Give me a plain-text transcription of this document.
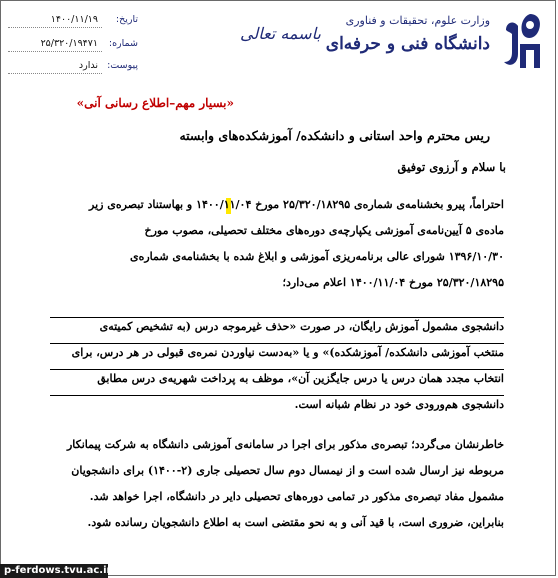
وزارت علوم، تحقیقات و فناوری
دانشگاه فنی و حرفه‌ای
باسمه تعالی
تاریخ:
۱۴۰۰/۱۱/۱۹
شماره:
۲۵/۳۲۰/۱۹۴۷۱
پیوست:
ندارد
«بسیار مهم–اطلاع رسانی آنی»
ریس محترم واحد استانی و دانشکده/ آموزشکده‌های وابسته
با سلام و آرزوی توفیق
احتراماً، پیرو بخشنامه‌ی شماره‌ی ۲۵/۳۲۰/۱۸۲۹۵ مورخ ۱۴۰۰/۱۱/۰۴ و بهاستناد تبصره‌ی زیر
ماده‌ی ۵ آیین‌نامه‌ی آموزشی یکپارچه‌ی دوره‌های مختلف تحصیلی، مصوب مورخ
۱۳۹۶/۱۰/۳۰ شورای عالی برنامه‌ریزی آموزشی و ابلاغ شده با بخشنامه‌ی شماره‌ی
۲۵/۳۲۰/۱۸۲۹۵ مورخ ۱۴۰۰/۱۱/۰۴ اعلام می‌دارد؛
دانشجوی مشمول آموزش رایگان، در صورت «حذف غیرموجه درس (به تشخیص کمیته‌ی
منتخب آموزشی دانشکده/ آموزشکده)» و یا «به‌دست نیاوردن نمره‌ی قبولی در هر درس، برای
انتخاب مجدد همان درس یا درس جایگزین آن»، موظف به پرداخت شهریه‌ی درس مطابق
دانشجوی هم‌ورودی خود در نظام شبانه است.
خاطرنشان می‌گردد؛ تبصره‌ی مذکور برای اجرا در سامانه‌ی آموزشی دانشگاه به شرکت پیمانکار
مربوطه نیز ارسال شده است و از نیمسال دوم سال تحصیلی جاری (۲-۱۴۰۰) برای دانشجویان
مشمول مفاد تبصره‌ی مذکور در تمامی دوره‌های تحصیلی دایر در دانشگاه، اجرا خواهد شد.
بنابراین، ضروری است، با قید آنی و به نحو مقتضی است به اطلاع دانشجویان رسانده شود.
p-ferdows.tvu.ac.ir
